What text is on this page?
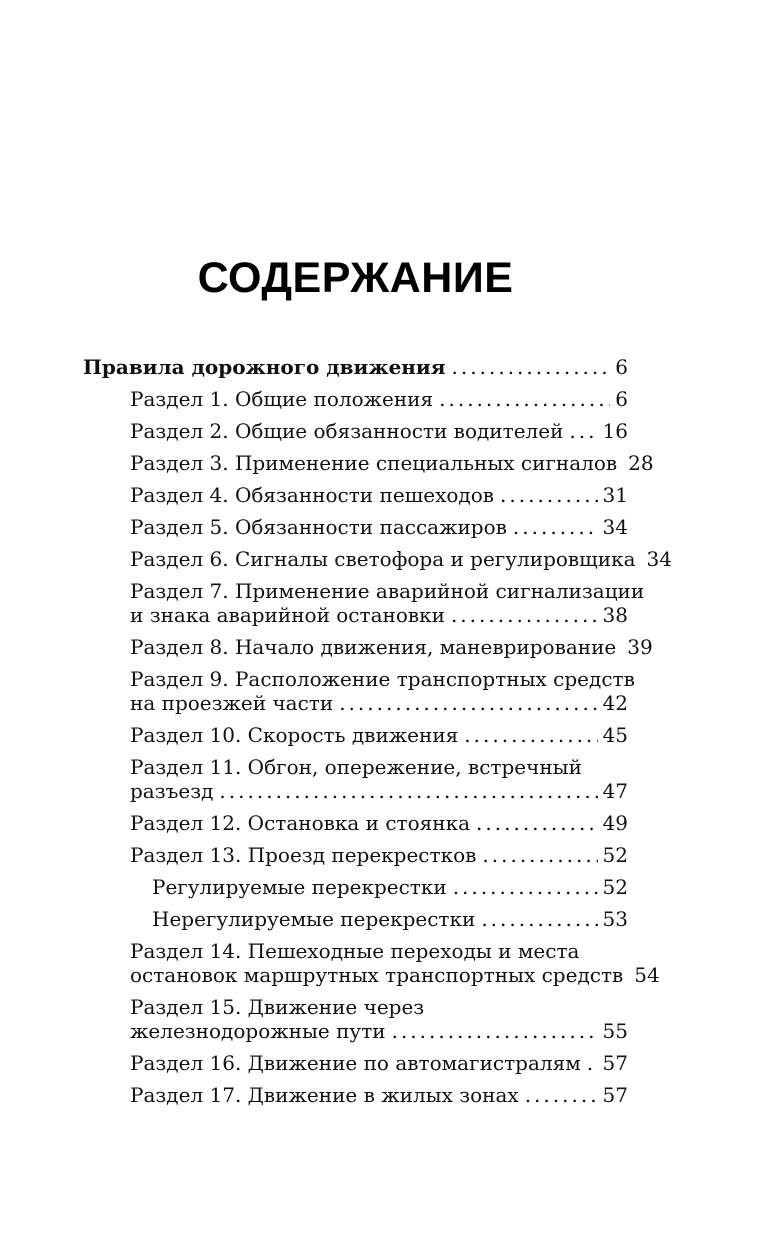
СОДЕРЖАНИЕ
Правила дорожного движения .....	6
Раздел 1. Общие положения .....	6
Раздел 2. Общие обязанности водителей ..... 16
Раздел 3. Применение специальных сигналов 28
Раздел 4. Обязанности пешеходов .....	31
Раздел 5. Обязанности пассажиров .....	34
Раздел 6. Сигналы светофора и регулировщика 34
Раздел 7. Применение аварийной сигнализации
и знака аварийной остановки .....	38
Раздел 8. Начало движения, маневрирование 39
Раздел 9. Расположение транспортных средств
на проезжей части .....	42
Раздел 10. Скорость движения .....	45
Раздел 11. Обгон, опережение, встречный
разъезд .....	47
Раздел 12. Остановка и стоянка .....	49
Раздел 13. Проезд перекрестков .....	52
Регулируемые перекрестки .....	52
Нерегулируемые перекрестки .....	53
Раздел 14. Пешеходные переходы и места
остановок маршрутных транспортных средств 54
Раздел 15. Движение через
железнодорожные пути .....	55
Раздел 16. Движение по автомагистралям ..... 57
Раздел 17. Движение в жилых зонах .....	57
